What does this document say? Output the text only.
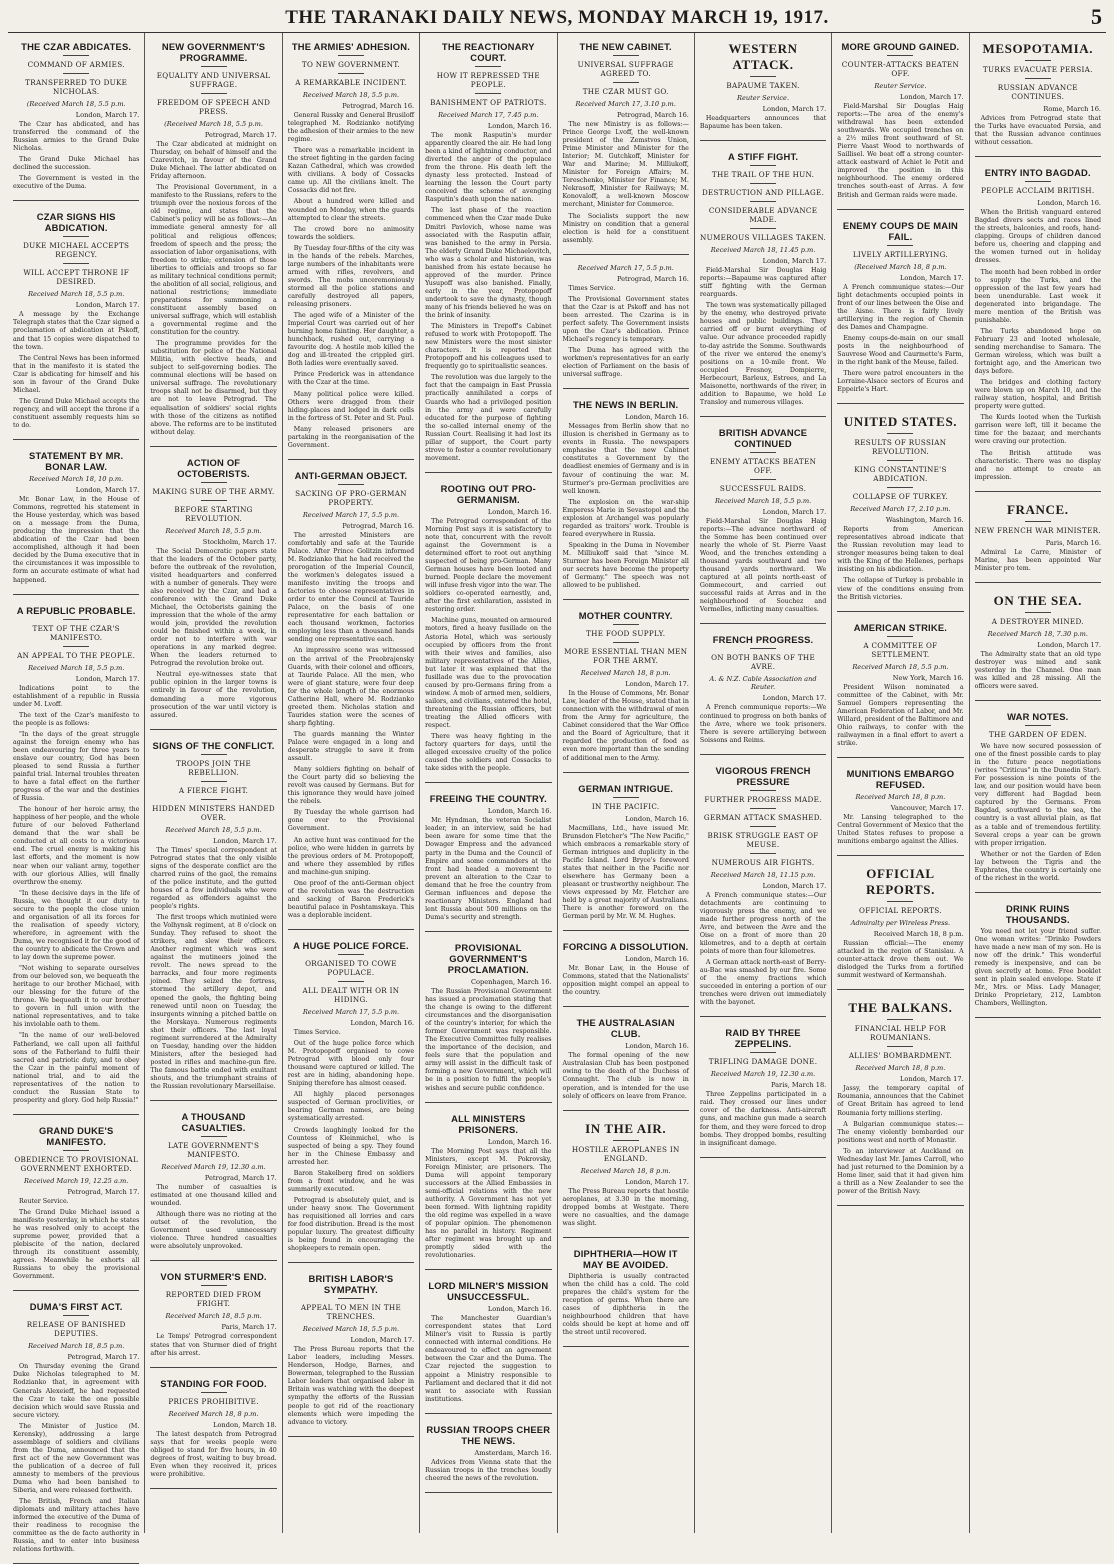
THE TARANAKI DAILY NEWS, MONDAY MARCH 19, 1917.	5
THE CZAR ABDICATES.
COMMAND OF ARMIES.
TRANSFERRED TO DUKE NICHOLAS.
(Received March 18, 5.5 p.m.
London, March 17.

The Czar has abdicated, and has transferred the command of the Russian armies to the Grand Duke Nicholas.

The Grand Duke Michael has declined the succession.

The Government is vested in the executive of the Duma.

CZAR SIGNS HIS ABDICATION.
DUKE MICHAEL ACCEPTS REGENCY.
WILL ACCEPT THRONE IF DESIRED.
Received March 18, 5.5 p.m.
London, March 17.

A message by the Exchange Telegraph states that the Czar signed a proclamation of abdication at Pskoff, and that 15 copies were dispatched to the town.

The Central News has been informed that in the manifesto it is stated the Czar is abdicating for himself and his son in favour of the Grand Duke Michael.

The Grand Duke Michael accepts the regency, and will accept the throne if a constituent assembly requests him so to do.

STATEMENT BY MR. BONAR LAW.
Received March 18, 10 p.m.
London, March 17.

Mr. Bonar Law, in the House of Commons, regretted his statement in the House yesterday, which was based on a message from the Duma, producing the impression that the abdication of the Czar had been accomplished, although it had been decided by the Duma executive that in the circumstances it was impossible to form an accurate estimate of what had happened.

A REPUBLIC PROBABLE.
TEXT OF THE CZAR'S MANIFESTO.
AN APPEAL TO THE PEOPLE.
Received March 18, 5.5 p.m.
London, March 17.

Indications point to the establishment of a republic in Russia under M. Lvoff.

The text of the Czar's manifesto to the people is as follows:

"In the days of the great struggle against the foreign enemy who has been endeavouring for three years to enslave our country, God has been pleased to send Russia a further painful trial. Internal troubles threaten to have a fatal effect on the further progress of the war and the destinies of Russia.

The honour of her heroic army, the happiness of her people, and the whole future of our beloved Fatherland demand that the war shall be conducted at all costs to a victorious end. The cruel enemy is making his last efforts, and the moment is now near when our valiant army, together with our glorious Allies, will finally overthrow the enemy.

"In these decisive days in the life of Russia, we thought it our duty to secure to the people the close union and organisation of all its forces for the realisation of speedy victory, wherefore, in agreement with the Duma, we recognised it for the good of the country to abdicate the Crown and to lay down the supreme power.

"Not wishing to separate ourselves from our beloved son, we bequeath the heritage to our brother Michael, with our blessing for the future of the throne. We bequeath it to our brother to govern in full union with the national representatives, and to take his inviolable oath to them.

"In the name of our well-beloved Fatherland, we call upon all faithful sons of the Fatherland to fulfil their sacred and patriotic duty, and to obey the Czar in the painful moment of national trial, and to aid the representatives of the nation to conduct the Russian State to prosperity and glory. God help Russia!"

GRAND DUKE'S MANIFESTO.
OBEDIENCE TO PROVISIONAL GOVERNMENT EXHORTED.
Received March 19, 12.25 a.m.
Petrograd, March 17.

Reuter Service.

The Grand Duke Michael issued a manifesto yesterday, in which he states he was resolved only to accept the supreme power, provided that a plebiscite of the nation, declared through its constituent assembly, agrees. Meanwhile he exhorts all Russians to obey the provisional Government.

DUMA'S FIRST ACT.
RELEASE OF BANISHED DEPUTIES.
Received March 18, 8.5 p.m.
Petrograd, March 17.

On Thursday evening the Grand Duke Nicholas telegraphed to M. Rodzianko that, in agreement with Generals Alexeieff, he had requested the Czar to take the one possible decision which would save Russia and secure victory.

The Minister of Justice (M. Kerensky), addressing a large assemblage of soldiers and civilians from the Duma, announced that the first act of the new Government was the publication of a decree of full amnesty to members of the previous Duma who had been banished to Siberia, and were released forthwith.

The British, French and Italian diplomats and military attaches have informed the executive of the Duma of their readiness to recognise the committee as the de facto authority in Russia, and to enter into business relations forthwith.

NEW GOVERNMENT'S PROGRAMME.
EQUALITY AND UNIVERSAL SUFFRAGE.
FREEDOM OF SPEECH AND PRESS.
(Received March 18, 5.5 p.m.
Petrograd, March 17.

The Czar abdicated at midnight on Thursday, on behalf of himself and the Czarevitch, in favour of the Grand Duke Michael. The latter abdicated on Friday afternoon.

The Provisional Government, in a manifesto to the Russians, refers to the triumph over the noxious forces of the old regime, and states that the Cabinet's policy will be as follows:—An immediate general amnesty for all political and religious offences; freedom of speech and the press; the association of labor organisations, with freedom to strike; extension of those liberties to officials and troops so far as military technical conditions permit; the abolition of all social, religious, and national restrictions; immediate preparations for summoning a constituent assembly based on universal suffrage, which will establish a governmental regime and the constitution for the country.

The programme provides for the substitution for police of the National Militia, with elective heads, and subject to self-governing bodies. The communal elections will be based on universal suffrage. The revolutionary troops shall not be disarmed, but they are not to leave Petrograd. The equalisation of soldiers' social rights with those of the citizens as notified above. The reforms are to be instituted without delay.

ACTION OF OCTOBERISTS.
MAKING SURE OF THE ARMY.
BEFORE STARTING REVOLUTION.
Received March 18, 5.5 p.m.
Stockholm, March 17.

The Social Democratic papers state that the leaders of the October party, before the outbreak of the revolution, visited headquarters and conferred with a number of generals. They were also received by the Czar, and had a conference with the Grand Duke Michael, the Octoberists gaining the impression that the whole of the army would join, provided the revolution could be finished within a week, in order not to interfere with war operations in any marked degree. When the leaders returned to Petrograd the revolution broke out.

Neutral eye-witnesses state that public opinion in the larger towns is entirely in favour of the revolution, demanding a more vigorous prosecution of the war until victory is assured.

SIGNS OF THE CONFLICT.
TROOPS JOIN THE REBELLION.
A FIERCE FIGHT.
HIDDEN MINISTERS HANDED OVER.
Received March 18, 5.5 p.m.
London, March 17.

The Times' special correspondent at Petrograd states that the only visible signs of the desperate conflict are the charred ruins of the gaol, the remains of the police institute, and the gutted houses of a few individuals who were regarded as offenders against the people's rights.

The first troops which mutinied were the Volhynsk regiment, at 8 o'clock on Sunday. They refused to shoot the strikers, and slew their officers. Another regiment which was sent against the mutineers joined the revolt. The news spread to the barracks, and four more regiments joined. They seized the fortress, stormed the artillery depot, and opened the gaols, the fighting being renewed until noon on Tuesday, the insurgents winning a pitched battle on the Morskaya. Numerous regiments shot their officers. The last loyal regiment surrendered at the Admiralty on Tuesday, handing over the hidden Ministers, after the besieged had posted in rifles and machine-gun fire. The famous battle ended with exultant shouts, and the triumphant strains of the Russian revolutionary Marseillaise.

A THOUSAND CASUALTIES.
LATE GOVERNMENT'S MANIFESTO.
Received March 19, 12.30 a.m.
Petrograd, March 17.

The number of casualties is estimated at one thousand killed and wounded.

Although there was no rioting at the outset of the revolution, the Government used unnecessary violence. Three hundred casualties were absolutely unprovoked.

VON STURMER'S END.
REPORTED DIED FROM FRIGHT.
Received March 18, 8.5 p.m.
Paris, March 17.

Le Temps' Petrograd correspondent states that von Sturmer died of fright after his arrest.

STANDING FOR FOOD.
PRICES PROHIBITIVE.
Received March 18, 8 p.m.
London, March 18.

The latest despatch from Petrograd says that for weeks people were obliged to stand for five hours, in 40 degrees of frost, waiting to buy bread. Even when they received it, prices were prohibitive.

THE ARMIES' ADHESION.
TO NEW GOVERNMENT.
A REMARKABLE INCIDENT.
Received March 18, 5.5 p.m.
Petrograd, March 16.

General Russky and General Brusiloff telegraphed M. Rodzianko notifying the adhesion of their armies to the new regime.

There was a remarkable incident in the street fighting in the garden facing Kazan Cathedral, which was crowded with civilians. A body of Cossacks came up. All the civilians knelt. The Cossacks did not fire.

About a hundred were killed and wounded on Monday, when the guards attempted to clear the streets.

The crowd bore no animosity towards the soldiers.

By Tuesday four-fifths of the city was in the hands of the rebels. Marches, large numbers of the inhabitants were armed with rifles, revolvers, and swords. The mobs unceremoniously stormed all the police stations and carefully destroyed all papers, releasing prisoners.

The aged wife of a Minister of the Imperial Court was carried out of her burning home fainting. Her daughter, a hunchback, rushed out, carrying a favourite dog. A hostile mob killed the dog and ill-treated the crippled girl. Both ladies were eventually saved.

Prince Frederick was in attendance with the Czar at the time.

Many political police were killed. Others were dragged from their hiding-places and lodged in dark cells in the fortress of St. Peter and St. Paul.

Many released prisoners are partaking in the reorganisation of the Government.

ANTI-GERMAN OBJECT.
SACKING OF PRO-GERMAN PROPERTY.
Received March 17, 5.5 p.m.
Petrograd, March 16.

The arrested Ministers are comfortably and safe at the Tauride Palace. After Prince Golitzin informed M. Rodzianko that he had received the prorogation of the Imperial Council, the workmen's delegates issued a manifesto inviting the troops and factories to choose representatives in order to enter the Council at Tauride Palace, on the basis of one representative for each battalion or each thousand workmen, factories employing less than a thousand hands sending one representative each.

An impressive scene was witnessed on the arrival of the Preobrajensky Guards, with their colonel and officers, at Tauride Palace. All the men, who were of giant stature, were four deep for the whole length of the enormous Catherine Hall, where M. Rodzianko greeted them. Nicholas station and Taurides station were the scenes of sharp fighting.

The guards manning the Winter Palace were engaged in a long and desperate struggle to save it from assault.

Many soldiers fighting on behalf of the Court party did so believing the revolt was caused by Germans. But for this ignorance they would have joined the rebels.

By Tuesday the whole garrison had gone over to the Provisional Government.

An active hunt was continued for the police, who were hidden in garrets by the previous orders of M. Protopopoff, and where they assembled by rifles and machine-gun sniping.

One proof of the anti-German object of the revolution was the destruction and sacking of Baron Frederick's beautiful palace in Poshtamskaya. This was a deplorable incident.

A HUGE POLICE FORCE.
ORGANISED TO COWE POPULACE.
ALL DEALT WITH OR IN HIDING.
Received March 17, 5.5 p.m.
London, March 16.

Times Service.

Out of the huge police force which M. Protopopoff organised to cowe Petrograd with blood only four thousand were captured or killed. The rest are in hiding, abandoning hope. Sniping therefore has almost ceased.

All highly placed personages suspected of German proclivities, or bearing German names, are being systematically arrested.

Crowds laughingly looked for the Countess of Kleinmichel, who is suspected of being a spy. They found her in the Chinese Embassy and arrested her.

Baron Stakelberg fired on soldiers from a front window, and he was summarily executed.

Petrograd is absolutely quiet, and is under heavy snow. The Government has requisitioned all lorries and cars for food distribution. Bread is the most popular luxury. The greatest difficulty is being found in encouraging the shopkeepers to remain open.

BRITISH LABOR'S SYMPATHY.
APPEAL TO MEN IN THE TRENCHES.
Received March 18, 5.5 p.m.
London, March 17.

The Press Bureau reports that the Labor leaders, including Messrs. Henderson, Hodge, Barnes, and Bowerman, telegraphed to the Russian Labor leaders that organised labor in Britain was watching with the deepest sympathy the efforts of the Russian people to get rid of the reactionary elements which were impeding the advance to victory.

THE REACTIONARY COURT.
HOW IT REPRESSED THE PEOPLE.
BANISHMENT OF PATRIOTS.
Received March 17, 7.45 p.m.
London, March 16.

The monk Rasputin's murder apparently cleared the air. He had long been a kind of lightning conductor, and diverted the anger of the populace from the throne. His death left the dynasty less protected. Instead of learning the lesson the Court party conceived the scheme of avenging Rasputin's death upon the nation.

The last phase of the reaction commenced when the Czar made Duke Dmitri Pavlovich, whose name was associated with the Rasputin affair, was banished to the army in Persia. The elderly Grand Duke Michaelovitch, who was a scholar and historian, was banished from his estate because he approved of the murder. Prince Yusupoff was also banished. Finally, early in the year, Protopopoff undertook to save the dynasty, though many of his friends believed he was on the brink of insanity.

The Ministers in Trepoff's Cabinet refused to work with Protopopoff. The new Ministers were the most sinister characters. It is reported that Protopopoff and his colleagues used to frequently go to spiritualistic seances.

The revolution was due largely to the fact that the campaign in East Prussia practically annihilated a corps of Guards who had a privileged position in the army and were carefully educated for the purpose of fighting the so-called internal enemy of the Russian Court. Realising it had lost its pillar of support, the Court party strove to foster a counter revolutionary movement.

ROOTING OUT PRO-GERMANISM.
London, March 16.

The Petrograd correspondent of the Morning Post says it is satisfactory to note that, concurrent with the revolt against the Government is a determined effort to root out anything suspected of being pro-German. Many German houses have been looted and burned. People declare the movement will infuse fresh vigor into the war. The soldiers co-operated earnestly, and, after the first exhilaration, assisted in restoring order.

Machine guns, mounted on armoured motors, fired a heavy fusillade on the Astoria Hotel, which was seriously occupied by officers from the front with their wives and families, also military representatives of the Allies, but later it was explained that the fusillade was due to the provocation caused by pro-Germans firing from a window. A mob of armed men, soldiers, sailors, and civilians, entered the hotel, threatening the Russian officers, but treating the Allied officers with respect.

There was heavy fighting in the factory quarters for days, until the alleged excessive cruelty of the police caused the soldiers and Cossacks to take sides with the people.

FREEING THE COUNTRY.
London, March 16.

Mr. Hyndman, the veteran Socialist leader, in an interview, said he had been aware for some time that the Dowager Empress and the advanced party in the Duma and the Council of Empire and some commanders at the front had headed a movement to prevent an alteration to the Czar to demand that he free the country from German influences and depose the reactionary Ministers. England had lent Russia about 500 millions on the Duma's security and strength.

PROVISIONAL GOVERNMENT'S PROCLAMATION.
Copenhagen, March 16.

The Russian Provisional Government has issued a proclamation stating that the change is owing to the different circumstances and the disorganisation of the country's interior, for which the former Government was responsible. The Executive Committee fully realises the importance of the decision, and feels sure that the population and army will assist in the difficult task of forming a new Government, which will be in a position to fulfil the people's wishes and secure public confidence.

ALL MINISTERS PRISONERS.
London, March 16.

The Morning Post says that all the Ministers, except M. Pokrovsky, Foreign Minister, are prisoners. The Duma will appoint temporary successors at the Allied Embassies in semi-official relations with the new authority. A Government has not yet been formed. With lightning rapidity the old regime was expelled in a wave of popular opinion. The phenomenon has no parallel in history. Regiment after regiment was brought up and promptly sided with the revolutionaries.

LORD MILNER'S MISSION UNSUCCESSFUL.
London, March 16.

The Manchester Guardian's correspondent states that Lord Milner's visit to Russia is partly connected with internal conditions. He endeavoured to effect an agreement between the Czar and the Duma. The Czar rejected the suggestion to appoint a Ministry responsible to Parliament and declared that it did not want to associate with Russian institutions.

RUSSIAN TROOPS CHEER THE NEWS.
Amsterdam, March 16.

Advices from Vienna state that the Russian troops in the trenches loudly cheered the news of the revolution.

THE NEW CABINET.
UNIVERSAL SUFFRAGE AGREED TO.
THE CZAR MUST GO.
Received March 17, 3.10 p.m.
Petrograd, March 16.

The new Ministry is as follows:—Prince George Lvoff, the well-known president of the Zemstvos Union, Prime Minister and Minister for the Interior; M. Gutchkoff, Minister for War and Marine; M. Milliukoff, Minister for Foreign Affairs; M. Tereschenko, Minister for Finance; M. Nekrasoff, Minister for Railways; M. Konovaloff, a well-known Moscow merchant, Minister for Commerce.

The Socialists support the new Ministry on condition that a general election is held for a constituent assembly.

Received March 17, 5.5 p.m.
Petrograd, March 16.

Times Service.

The Provisional Government states that the Czar is at Pskoff and has not been arrested. The Czarina is in perfect safety. The Government insists upon the Czar's abdication. Prince Michael's regency is temporary.

The Duma has agreed with the workmen's representatives for an early election of Parliament on the basis of universal suffrage.

THE NEWS IN BERLIN.
London, March 16.

Messages from Berlin show that no illusion is cherished in Germany as to events in Russia. The newspapers emphasise that the new Cabinet constitutes a Government by the deadliest enemies of Germany and is in favour of continuing the war. M. Sturmer's pro-German proclivities are well known.

The explosion on the war-ship Emperess Marie in Sevastopol and the explosion at Archangel was popularly regarded as traitors' work. Trouble is feared everywhere in Russia.

Speaking in the Duma in November M. Milliukoff said that "since M. Sturmer has been Foreign Minister all our secrets have become the property of Germany." The speech was not allowed to be published.

MOTHER COUNTRY.
THE FOOD SUPPLY.
MORE ESSENTIAL THAN MEN FOR THE ARMY.
Received March 18, 8 p.m.
London, March 17.

In the House of Commons, Mr. Bonar Law, leader of the House, stated that in connection with the withdrawal of men from the Army for agriculture, the Cabinet considered that the War Office and the Board of Agriculture, that it regarded the production of food as even more important than the sending of additional men to the Army.

GERMAN INTRIGUE.
IN THE PACIFIC.
London, March 16.

Macmillans, Ltd., have issued Mr. Brunsdon Fletcher's "The New Pacific," which embraces a remarkable story of German intrigues and duplicity in the Pacific Island. Lord Bryce's foreword states that neither in the Pacific nor elsewhere has Germany been a pleasant or trustworthy neighbour. The views expressed by Mr. Fletcher are held by a great majority of Australians. There is another foreword on the German peril by Mr. W. M. Hughes.

FORCING A DISSOLUTION.
London, March 16.

Mr. Bonar Law, in the House of Commons, stated that the Nationalists' opposition might compel an appeal to the country.

THE AUSTRALASIAN CLUB.
London, March 16.

The formal opening of the new Australasian Club has been postponed owing to the death of the Duchess of Connaught. The club is now in operation, and is intended for the use solely of officers on leave from France.

IN THE AIR.
HOSTILE AEROPLANES IN ENGLAND.
Received March 18, 8 p.m.
London, March 17.

The Press Bureau reports that hostile aeroplanes, at 3.30 in the morning, dropped bombs at Westgate. There were no casualties, and the damage was slight.

DIPHTHERIA—HOW IT MAY BE AVOIDED.

Diphtheria is usually contracted when the child has a cold. The cold prepares the child's system for the reception of germs. When there are cases of diphtheria in the neighbourhood children that have colds should be kept at home and off the street until recovered.

WESTERN ATTACK.
BAPAUME TAKEN.
Reuter Service.
London, March 17.

Headquarters announces that Bapaume has been taken.

A STIFF FIGHT.
THE TRAIL OF THE HUN.
DESTRUCTION AND PILLAGE.
CONSIDERABLE ADVANCE MADE.
NUMEROUS VILLAGES TAKEN.
Received March 18, 11.45 p.m.
London, March 17.

Field-Marshal Sir Douglas Haig reports:—Bapaume was captured after stiff fighting with the German rearguards.

The town was systematically pillaged by the enemy, who destroyed private houses and public buildings. They carried off or burnt everything of value. Our advance proceeded rapidly to-day astride the Somme. Southwards of the river we entered the enemy's positions on a 10-mile front. We occupied Fresnoy, Dompierre, Herbecourt, Barleux, Estrees, and La Maisonette, northwards of the river, in addition to Bapaume, we hold Le Transloy and numerous villages.

BRITISH ADVANCE CONTINUED
ENEMY ATTACKS BEATEN OFF.
SUCCESSFUL RAIDS.
Received March 18, 5.5 p.m.
London, March 17.

Field-Marshal Sir Douglas Haig reports:—The advance northward of the Somme has been continued over nearly the whole of St. Pierre Vaast Wood, and the trenches extending a thousand yards southward and two thousand yards northward. We captured at all points north-east of Gommecourt, and carried out successful raids at Arras and in the neighbourhood of Souchez and Vermelles, inflicting many casualties.

FRENCH PROGRESS.
ON BOTH BANKS OF THE AVRE.
A. & N.Z. Cable Association and Reuter.
London, March 17.

A French communique reports:—We continued to progress on both banks of the Avre, where we took prisoners. There is severe artillerying between Soissons and Reims.

VIGOROUS FRENCH PRESSURE
FURTHER PROGRESS MADE.
GERMAN ATTACK SMASHED.
BRISK STRUGGLE EAST OF MEUSE.
NUMEROUS AIR FIGHTS.
Received March 18, 11.15 p.m.
London, March 17.

A French communique states:—Our detachments are continuing to vigorously press the enemy, and we made further progress north of the Avre, and between the Avre and the Oise on a front of more than 20 kilometres, and to a depth at certain points of more than four kilometres.

A German attack north-east of Berry-au-Bac was smashed by our fire. Some of the enemy fractions which succeeded in entering a portion of our trenches were driven out immediately with the bayonet.

RAID BY THREE ZEPPELINS.
TRIFLING DAMAGE DONE.
Received March 19, 12.30 a.m.
Paris, March 18.

Three Zeppelins participated in a raid. They crossed our lines under cover of the darkness. Anti-aircraft guns, and machine gun made a search for them, and they were forced to drop bombs. They dropped bombs, resulting in insignificant damage.

MORE GROUND GAINED.
COUNTER-ATTACKS BEATEN OFF.
Reuter Service.
London, March 17.

Field-Marshal Sir Douglas Haig reports:—The area of the enemy's withdrawal has been extended southwards. We occupied trenches on a 2½ miles front southward of St. Pierre Vaast Wood to northwards of Saillisel. We beat off a strong counter-attack eastward of Achiet le Petit and improved the position in this neighbourhood. The enemy ordered trenches south-east of Arras. A few British and German raids were made.

ENEMY COUPS DE MAIN FAIL.
LIVELY ARTILLERYING.
(Received March 18, 8 p.m.
London, March 17.

A French communique states:—Our light detachments occupied points in front of our lines between the Oise and the Aisne. There is fairly lively artillerying in the region of Chemin des Dames and Champagne.

Enemy coups-de-main on our small posts in the neighbourhood of Sauvrese Wood and Caurmette's Farm, in the right bank of the Meuse, failed.

There were patrol encounters in the Lorraine-Alsace sectors of Ecuros and Eppeirle's Hart.

UNITED STATES.
RESULTS OF RUSSIAN REVOLUTION.
KING CONSTANTINE'S ABDICATION.
COLLAPSE OF TURKEY.
Received March 17, 2.10 p.m.
Washington, March 16.

Reports from American representatives abroad indicate that the Russian revolution may lead to stronger measures being taken to deal with the King of the Hellenes, perhaps insisting on his abdication.

The collapse of Turkey is probable in view of the conditions ensuing from the British victories.

AMERICAN STRIKE.
A COMMITTEE OF SETTLEMENT.
Received March 18, 5.5 p.m.
New York, March 16.

President Wilson nominated a committee of the Cabinet, with Mr. Samuel Gompers representing the American Federation of Labor, and Mr. Willard, president of the Baltimore and Ohio railways, to confer with the railwaymen in a final effort to avert a strike.

MUNITIONS EMBARGO REFUSED.
Received March 18, 8 p.m.
Vancouver, March 17.

Mr. Lansing telegraphed to the Central Government of Mexico that the United States refuses to propose a munitions embargo against the Allies.

OFFICIAL REPORTS.
OFFICIAL REPORTS.
Admiralty per Wireless Press.
Received March 18, 8 p.m.

Russian official:—The enemy attacked in the region of Stanislau. A counter-attack drove them out. We dislodged the Turks from a fortified summit westward of Kermanshah.

THE BALKANS.
FINANCIAL HELP FOR ROUMANIANS.
ALLIES' BOMBARDMENT.
Received March 18, 8 p.m.
London, March 17.

Jassy, the temporary capital of Roumania, announces that the Cabinet of Great Britain has agreed to lend Roumania forty millions sterling.

A Bulgarian communique states:—The enemy violently bombarded our positions west and north of Monastir.

To an interviewer at Auckland on Wednesday last Mr. James Carroll, who had just returned to the Dominion by a Home liner, said that it had given him a thrill as a New Zealander to see the power of the British Navy.

MESOPOTAMIA.
TURKS EVACUATE PERSIA.
RUSSIAN ADVANCE CONTINUES.
Rome, March 16.

Advices from Petrograd state that the Turks have evacuated Persia, and that the Russian advance continues without cessation.

ENTRY INTO BAGDAD.
PEOPLE ACCLAIM BRITISH.
London, March 16.

When the British vanguard entered Bagdad divers sects and races lined the streets, balconies, and roofs, hand-clapping. Groups of children danced before us, cheering and clapping and the women turned out in holiday dresses.

The month had been robbed in order to supply the Turks, and the oppression of the last few years had been unendurable. Last week it degenerated into brigandage. The mere mention of the British was punishable.

The Turks abandoned hope on February 23 and looted wholesale, sending merchandise to Samara. The German wireless, which was built a fortnight ago, and the American two days before.

The bridges and clothing factory were blown up on March 10, and the railway station, hospital, and British property were gutted.

The Kurds looted when the Turkish garrison were left, till it became the time for the bazaar, and merchants were craving our protection.

The British attitude was characteristic. There was no display and no attempt to create an impression.

FRANCE.
NEW FRENCH WAR MINISTER.
Paris, March 16.

Admiral Le Carre, Minister of Marine, has been appointed War Minister pro tem.

ON THE SEA.
A DESTROYER MINED.
Received March 18, 7.30 p.m.
London, March 17.

The Admiralty state that an old type destroyer was mined and sank yesterday in the Channel. One man was killed and 28 missing. All the officers were saved.

WAR NOTES.
THE GARDEN OF EDEN.

We have now secured possession of one of the finest possible cards to play in the future peace negotiations (writes "Criticus" in the Dunedin Star). For possession is nine points of the law, and our position would have been very different had Bagdad been captured by the Germans. From Bagdad, southward to the sea, the country is a vast alluvial plain, as flat as a table and of tremendous fertility. Several crops a year can be grown with proper irrigation.

Whether or not the Garden of Eden lay between the Tigris and the Euphrates, the country is certainly one of the richest in the world.

DRINK RUINS THOUSANDS.

You need not let your friend suffer. One woman writes: "Drinko Powders have made a new man of my son. He is now off the drink." This wonderful remedy is inexpensive, and can be given secretly at home. Free booklet sent in plain sealed envelope. State if Mr., Mrs. or Miss. Lady Manager, Drinko Proprietary, 212, Lambton Chambers, Wellington.
